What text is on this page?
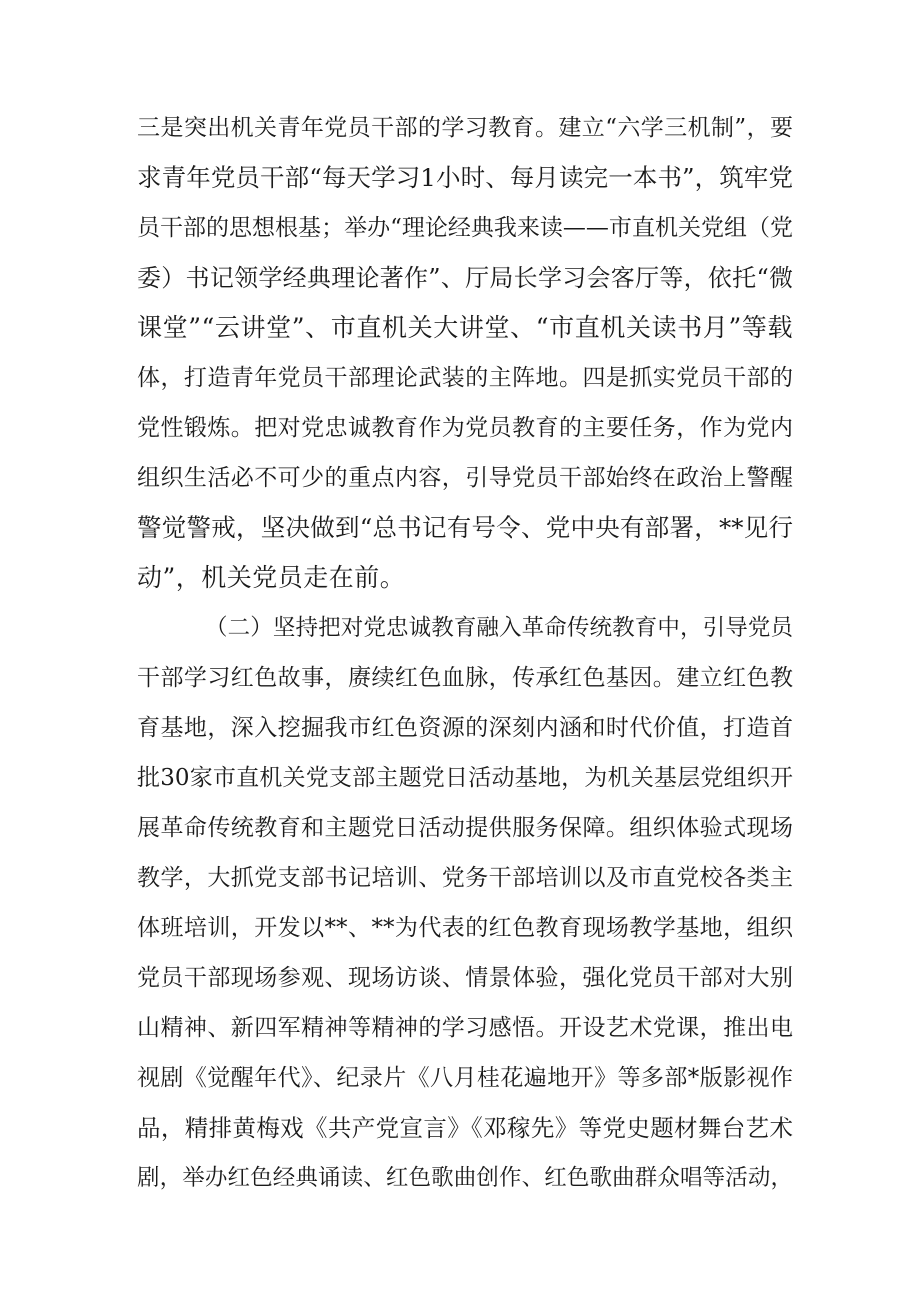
三是突出机关青年党员干部的学习教育。建立“六学三机制”，要
求青年党员干部“每天学习1小时、每月读完一本书”，筑牢党
员干部的思想根基；举办“理论经典我来读——市直机关党组（党
委）书记领学经典理论著作”、厅局长学习会客厅等，依托“微
课堂”“云讲堂”、市直机关大讲堂、“市直机关读书月”等载
体，打造青年党员干部理论武装的主阵地。四是抓实党员干部的
党性锻炼。把对党忠诚教育作为党员教育的主要任务，作为党内
组织生活必不可少的重点内容，引导党员干部始终在政治上警醒
警觉警戒，坚决做到“总书记有号令、党中央有部署，**见行
动”，机关党员走在前。
（二）坚持把对党忠诚教育融入革命传统教育中，引导党员
干部学习红色故事，赓续红色血脉，传承红色基因。建立红色教
育基地，深入挖掘我市红色资源的深刻内涵和时代价值，打造首
批30家市直机关党支部主题党日活动基地，为机关基层党组织开
展革命传统教育和主题党日活动提供服务保障。组织体验式现场
教学，大抓党支部书记培训、党务干部培训以及市直党校各类主
体班培训，开发以**、**为代表的红色教育现场教学基地，组织
党员干部现场参观、现场访谈、情景体验，强化党员干部对大别
山精神、新四军精神等精神的学习感悟。开设艺术党课，推出电
视剧《觉醒年代》、纪录片《八月桂花遍地开》等多部*版影视作
品，精排黄梅戏《共产党宣言》《邓稼先》等党史题材舞台艺术
剧，举办红色经典诵读、红色歌曲创作、红色歌曲群众唱等活动，
